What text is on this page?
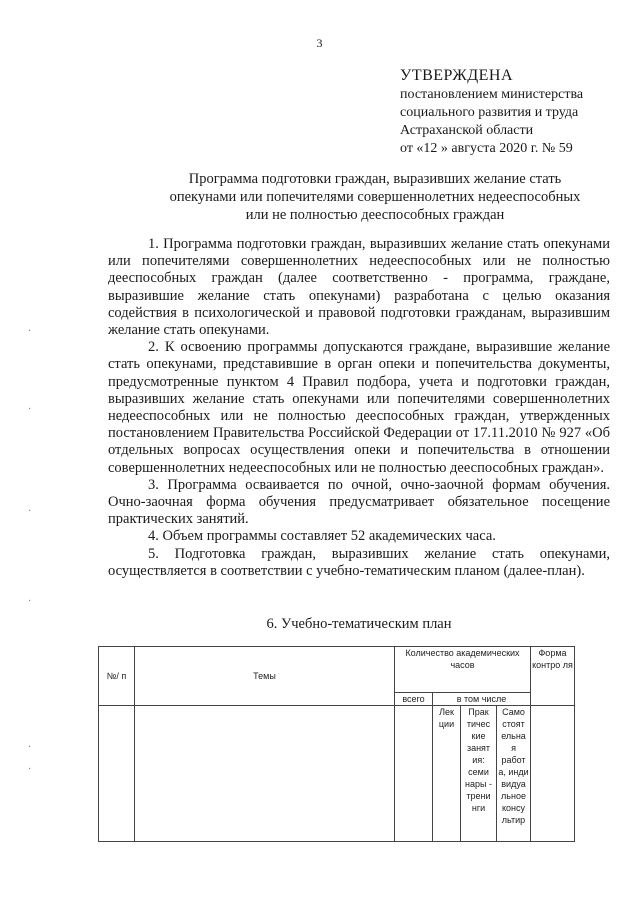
3
УТВЕРЖДЕНА
постановлением министерства
социального развития и труда
Астраханской области
от «12 » августа 2020 г. № 59
Программа подготовки граждан, выразивших желание стать
опекунами или попечителями совершеннолетних недееспособных
или не полностью дееспособных граждан

1. Программа подготовки граждан, выразивших желание стать опекунами или попечителями совершеннолетних недееспособных или не полностью дееспособных граждан (далее соответственно - программа, граждане, выразившие желание стать опекунами) разработана с целью оказания содействия в психологической и правовой подготовки гражданам, выразившим желание стать опекунами.

2. К освоению программы допускаются граждане, выразившие желание стать опекунами, представившие в орган опеки и попечительства документы, предусмотренные пунктом 4 Правил подбора, учета и подготовки граждан, выразивших желание стать опекунами или попечителями совершеннолетних недееспособных или не полностью дееспособных граждан, утвержденных постановлением Правительства Российской Федерации от 17.11.2010 № 927 «Об отдельных вопросах осуществления опеки и попечительства в отношении совершеннолетних недееспособных или не полностью дееспособных граждан».

3. Программа осваивается по очной, очно-заочной формам обучения. Очно-заочная форма обучения предусматривает обязательное посещение практических занятий.

4. Объем программы составляет 52 академических часа.

5. Подготовка граждан, выразивших желание стать опекунами, осуществляется в соответствии с учебно-тематическим планом (далее-план).

6. Учебно-тематическим план
№/ п	Темы	Количество академических часов				Форма контро ля
		всего	в том числе			
			Лек ции	Прак тичес кие занят ия: семи нары - трени нги	Само стоят ельна я работ а, инди видуа льное консу льтир	
·
·
·
·
·
·
